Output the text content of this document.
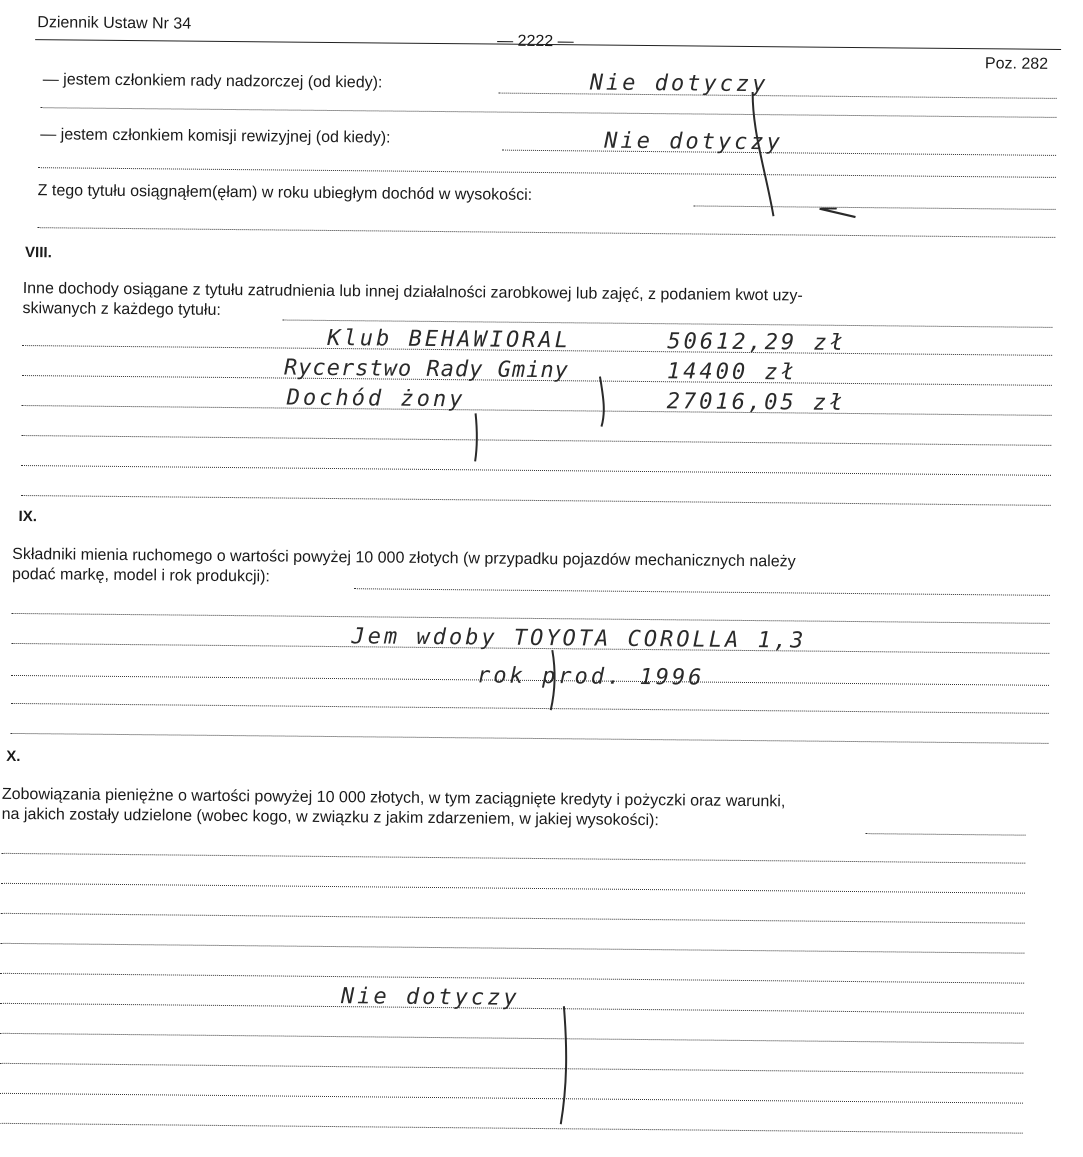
Dziennik Ustaw Nr 34
— 2222 —
Poz. 282
— jestem członkiem rady nadzorczej (od kiedy):	Nie dotyczy
— jestem członkiem komisji rewizyjnej (od kiedy):	Nie dotyczy
Z tego tytułu osiągnąłem(ęłam) w roku ubiegłym dochód w wysokości:	—
VIII.
Inne dochody osiągane z tytułu zatrudnienia lub innej działalności zarobkowej lub zajęć, z podaniem kwot uzy-
skiwanych z każdego tytułu:
Klub BEHAWIORAL	50612,29 zł
Rycerstwo Rady Gminy	14400 zł
Dochód żony	27016,05 zł
IX.
Składniki mienia ruchomego o wartości powyżej 10 000 złotych (w przypadku pojazdów mechanicznych należy
podać markę, model i rok produkcji):
Jem wdoby TOYOTA COROLLA 1,3
rok prod. 1996
X.
Zobowiązania pieniężne o wartości powyżej 10 000 złotych, w tym zaciągnięte kredyty i pożyczki oraz warunki,
na jakich zostały udzielone (wobec kogo, w związku z jakim zdarzeniem, w jakiej wysokości):
Nie dotyczy
